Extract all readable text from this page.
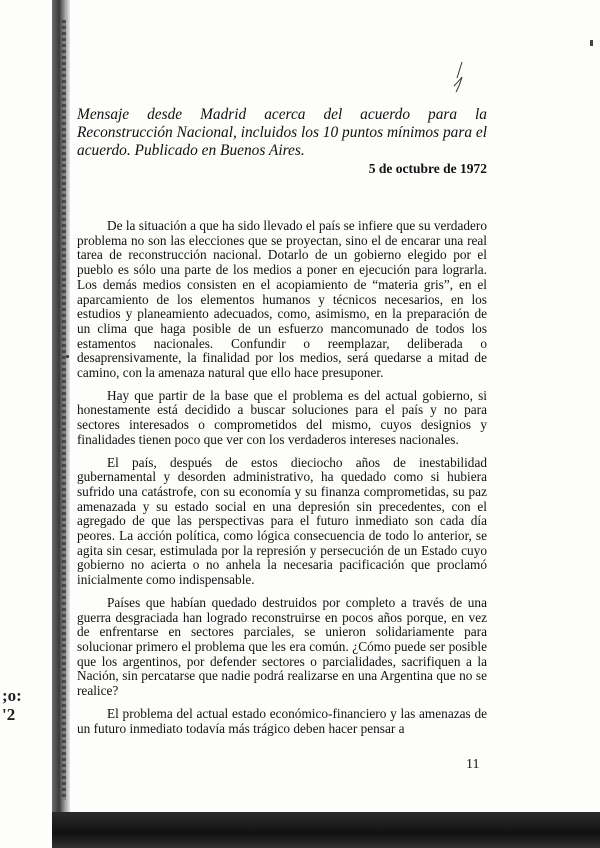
;o:
'2
Mensaje desde Madrid acerca del acuerdo para la Reconstrucción Nacional, incluidos los 10 puntos mínimos para el acuerdo. Publicado en Buenos Aires.
5 de octubre de 1972

De la situación a que ha sido llevado el país se infiere que su verdadero problema no son las elecciones que se proyectan, sino el de encarar una real tarea de reconstrucción nacional. Dotarlo de un gobierno elegido por el pueblo es sólo una parte de los medios a poner en ejecución para lograrla. Los demás medios consisten en el acopiamiento de “materia gris”, en el aparcamiento de los elementos humanos y técnicos necesarios, en los estudios y planeamiento adecuados, como, asimismo, en la preparación de un clima que haga posible de un esfuerzo mancomunado de todos los estamentos nacionales. Confundir o reemplazar, deliberada o desaprensivamente, la finalidad por los medios, será quedarse a mitad de camino, con la amenaza natural que ello hace presuponer.

Hay que partir de la base que el problema es del actual gobierno, si honestamente está decidido a buscar soluciones para el país y no para sectores interesados o comprometidos del mismo, cuyos designios y finalidades tienen poco que ver con los verdaderos intereses nacionales.

El país, después de estos dieciocho años de inestabilidad gubernamental y desorden administrativo, ha quedado como si hubiera sufrido una catástrofe, con su economía y su finanza comprometidas, su paz amenazada y su estado social en una depresión sin precedentes, con el agregado de que las perspectivas para el futuro inmediato son cada día peores. La acción política, como lógica consecuencia de todo lo anterior, se agita sin cesar, estimulada por la represión y persecución de un Estado cuyo gobierno no acierta o no anhela la necesaria pacificación que proclamó inicialmente como indispensable.

Países que habían quedado destruidos por completo a través de una guerra desgraciada han logrado reconstruirse en pocos años porque, en vez de enfrentarse en sectores parciales, se unieron solidariamente para solucionar primero el problema que les era común. ¿Cómo puede ser posible que los argentinos, por defender sectores o parcialidades, sacrifiquen a la Nación, sin percatarse que nadie podrá realizarse en una Argentina que no se realice?

El problema del actual estado económico-financiero y las amenazas de un futuro inmediato todavía más trágico deben hacer pensar a

11
